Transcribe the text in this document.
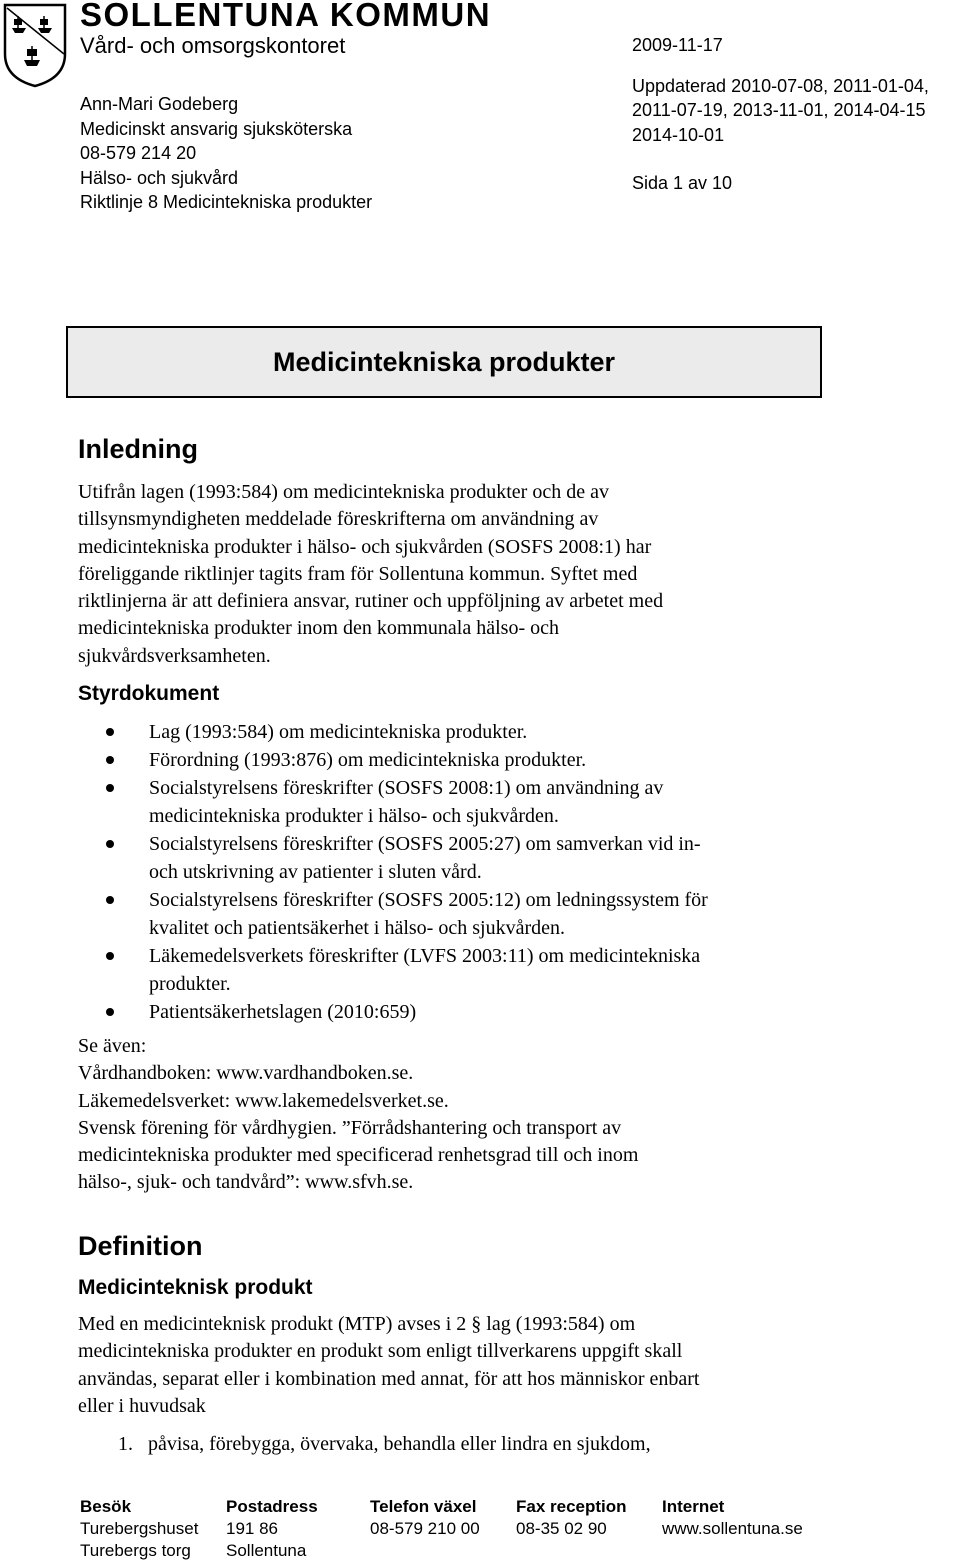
SOLLENTUNA KOMMUN
Vård- och omsorgskontoret
Ann-Mari Godeberg
Medicinskt ansvarig sjuksköterska
08-579 214 20
Hälso- och sjukvård
Riktlinje 8 Medicintekniska produkter
2009-11-17
Uppdaterad 2010-07-08, 2011-01-04,
2011-07-19, 2013-11-01, 2014-04-15
2014-10-01
Sida 1 av 10
Medicintekniska produkter
Inledning
Utifrån lagen (1993:584) om medicintekniska produkter och de av
tillsynsmyndigheten meddelade föreskrifterna om användning av
medicintekniska produkter i hälso- och sjukvården (SOSFS 2008:1) har
föreliggande riktlinjer tagits fram för Sollentuna kommun. Syftet med
riktlinjerna är att definiera ansvar, rutiner och uppföljning av arbetet med
medicintekniska produkter inom den kommunala hälso- och
sjukvårdsverksamheten.
Styrdokument
Lag (1993:584) om medicintekniska produkter.
Förordning (1993:876) om medicintekniska produkter.
Socialstyrelsens föreskrifter (SOSFS 2008:1) om användning av
medicintekniska produkter i hälso- och sjukvården.
Socialstyrelsens föreskrifter (SOSFS 2005:27) om samverkan vid in-
och utskrivning av patienter i sluten vård.
Socialstyrelsens föreskrifter (SOSFS 2005:12) om ledningssystem för
kvalitet och patientsäkerhet i hälso- och sjukvården.
Läkemedelsverkets föreskrifter (LVFS 2003:11) om medicintekniska
produkter.
Patientsäkerhetslagen (2010:659)
Se även:
Vårdhandboken: www.vardhandboken.se.
Läkemedelsverket: www.lakemedelsverket.se.
Svensk förening för vårdhygien. ”Förrådshantering och transport av
medicintekniska produkter med specificerad renhetsgrad till och inom
hälso-, sjuk- och tandvård”: www.sfvh.se.
Definition
Medicinteknisk produkt
Med en medicinteknisk produkt (MTP) avses i 2 § lag (1993:584) om
medicintekniska produkter en produkt som enligt tillverkarens uppgift skall
användas, separat eller i kombination med annat, för att hos människor enbart
eller i huvudsak
1. påvisa, förebygga, övervaka, behandla eller lindra en sjukdom,
Besök
Turebergshuset
Turebergs torg
Postadress
191 86
Sollentuna
Telefon växel
08-579 210 00
Fax reception
08-35 02 90
Internet
www.sollentuna.se
